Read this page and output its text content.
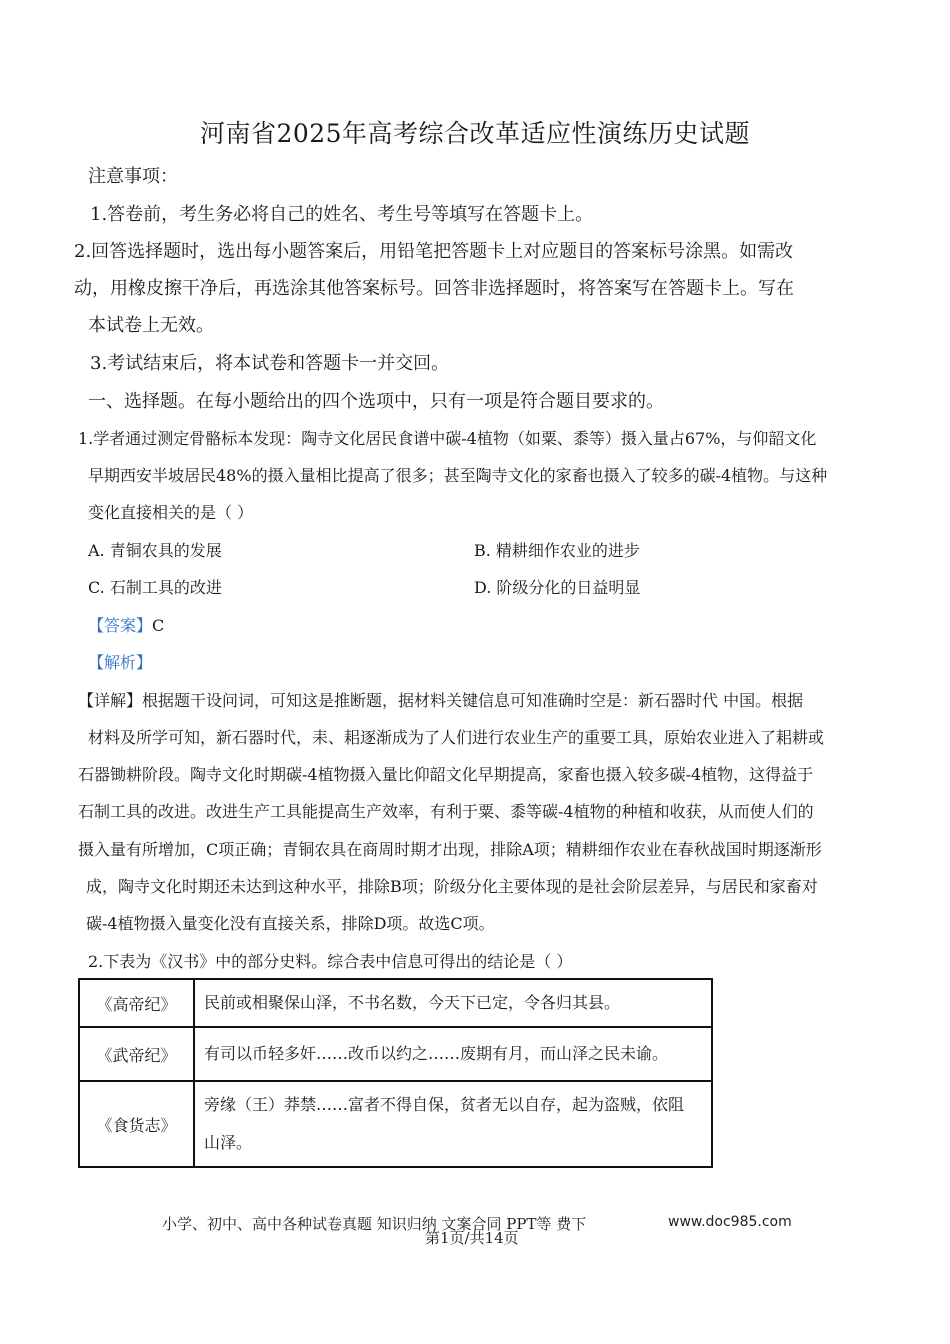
河南省2025年高考综合改革适应性演练历史试题
注意事项：
1.答卷前，考生务必将自己的姓名、考生号等填写在答题卡上。
2.回答选择题时，选出每小题答案后，用铅笔把答题卡上对应题目的答案标号涂黑。如需改
动，用橡皮擦干净后，再选涂其他答案标号。回答非选择题时，将答案写在答题卡上。写在
本试卷上无效。
3.考试结束后，将本试卷和答题卡一并交回。
一、选择题。在每小题给出的四个选项中，只有一项是符合题目要求的。
1.学者通过测定骨骼标本发现：陶寺文化居民食谱中碳-4植物（如粟、黍等）摄入量占67%，与仰韶文化
早期西安半坡居民48%的摄入量相比提高了很多；甚至陶寺文化的家畜也摄入了较多的碳-4植物。与这种
变化直接相关的是（ ）
A. 青铜农具的发展	B. 精耕细作农业的进步
C. 石制工具的改进	D. 阶级分化的日益明显
【答案】C
【解析】
【详解】根据题干设问词，可知这是推断题，据材料关键信息可知准确时空是：新石器时代 中国。根据
材料及所学可知，新石器时代，耒、耜逐渐成为了人们进行农业生产的重要工具，原始农业进入了耜耕或
石器锄耕阶段。陶寺文化时期碳-4植物摄入量比仰韶文化早期提高，家畜也摄入较多碳-4植物，这得益于
石制工具的改进。改进生产工具能提高生产效率，有利于粟、黍等碳-4植物的种植和收获，从而使人们的
摄入量有所增加，C项正确；青铜农具在商周时期才出现，排除A项；精耕细作农业在春秋战国时期逐渐形
成，陶寺文化时期还未达到这种水平，排除B项；阶级分化主要体现的是社会阶层差异，与居民和家畜对
碳-4植物摄入量变化没有直接关系，排除D项。故选C项。
2.下表为《汉书》中的部分史料。综合表中信息可得出的结论是（ ）
《高帝纪》	民前或相聚保山泽，不书名数，今天下已定，令各归其县。
《武帝纪》	有司以币轻多奸……改币以约之……废期有月，而山泽之民未谕。
《食货志》	旁缘（王）莽禁……富者不得自保，贫者无以自存，起为盗贼，依阻
山泽。
小学、初中、高中各种试卷真题 知识归纳 文案合同 PPT等 费下	www.doc985.com
第1页/共14页
